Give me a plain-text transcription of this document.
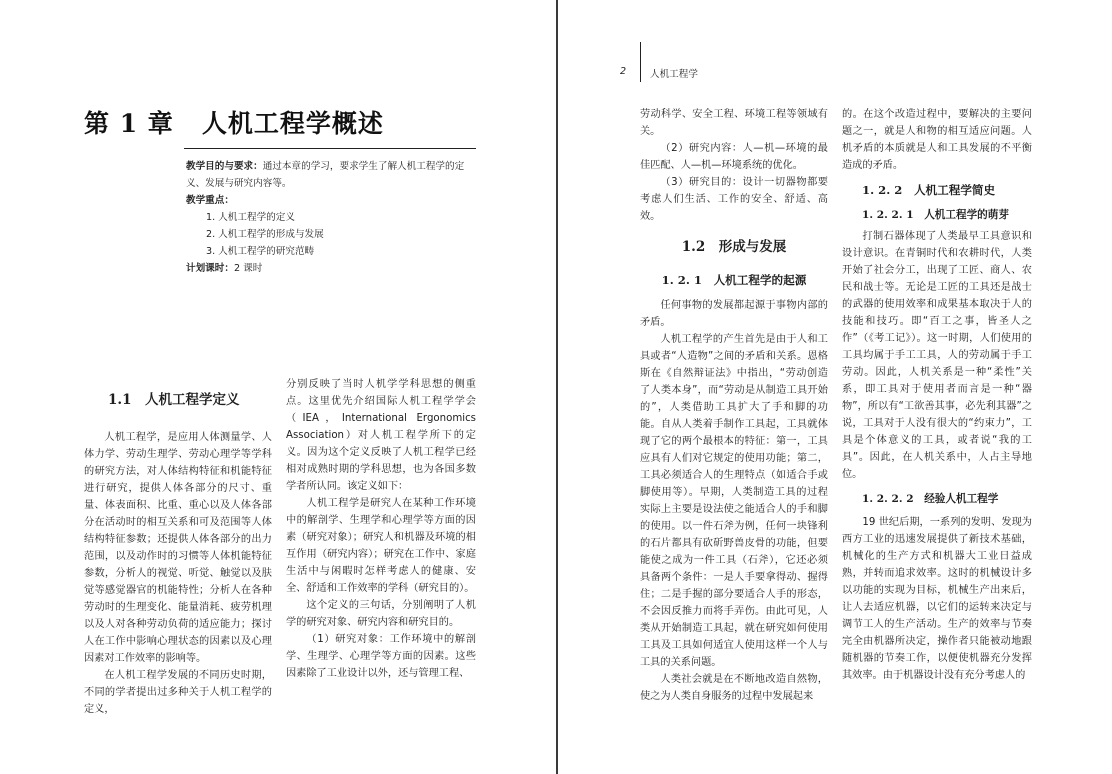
第 1 章 人机工程学概述
教学目的与要求：通过本章的学习，要求学生了解人机工程学的定义、发展与研究内容等。
教学重点：
1. 人机工程学的定义
2. 人机工程学的形成与发展
3. 人机工程学的研究范畴
计划课时：2 课时
1.1　人机工程学定义

人机工程学，是应用人体测量学、人体力学、劳动生理学、劳动心理学等学科的研究方法，对人体结构特征和机能特征进行研究，提供人体各部分的尺寸、重量、体表面积、比重、重心以及人体各部分在活动时的相互关系和可及范围等人体结构特征参数；还提供人体各部分的出力范围，以及动作时的习惯等人体机能特征参数，分析人的视觉、听觉、触觉以及肤觉等感觉器官的机能特性；分析人在各种劳动时的生理变化、能量消耗、疲劳机理以及人对各种劳动负荷的适应能力；探讨人在工作中影响心理状态的因素以及心理因素对工作效率的影响等。

在人机工程学发展的不同历史时期，不同的学者提出过多种关于人机工程学的定义，

分别反映了当时人机学学科思想的侧重点。这里优先介绍国际人机工程学学会（IEA，International Ergonomics Association）对人机工程学所下的定义。因为这个定义反映了人机工程学已经相对成熟时期的学科思想，也为各国多数学者所认同。该定义如下：

人机工程学是研究人在某种工作环境中的解剖学、生理学和心理学等方面的因素（研究对象）；研究人和机器及环境的相互作用（研究内容）；研究在工作中、家庭生活中与闲暇时怎样考虑人的健康、安全、舒适和工作效率的学科（研究目的）。

这个定义的三句话，分别阐明了人机学的研究对象、研究内容和研究目的。

（1）研究对象：工作环境中的解剖学、生理学、心理学等方面的因素。这些因素除了工业设计以外，还与管理工程、

2 人机工程学

劳动科学、安全工程、环境工程等领域有关。

（2）研究内容：人—机—环境的最佳匹配、人—机—环境系统的优化。

（3）研究目的：设计一切器物都要考虑人们生活、工作的安全、舒适、高效。

1.2　形成与发展
1. 2. 1　人机工程学的起源

任何事物的发展都起源于事物内部的矛盾。

人机工程学的产生首先是由于人和工具或者“人造物”之间的矛盾和关系。恩格斯在《自然辩证法》中指出，“劳动创造了人类本身”，而“劳动是从制造工具开始的”，人类借助工具扩大了手和脚的功能。自从人类着手制作工具起，工具就体现了它的两个最根本的特征：第一，工具应具有人们对它规定的使用功能；第二，工具必须适合人的生理特点（如适合手或脚使用等）。早期，人类制造工具的过程实际上主要是设法使之能适合人的手和脚的使用。以一件石斧为例，任何一块锋利的石片都具有砍斫野兽皮骨的功能，但要能使之成为一件工具（石斧），它还必须具备两个条件：一是人手要拿得动、握得住；二是手握的部分要适合人手的形态，不会因反推力而将手弄伤。由此可见，人类从开始制造工具起，就在研究如何使用工具及工具如何适宜人使用这样一个人与工具的关系问题。

人类社会就是在不断地改造自然物，使之为人类自身服务的过程中发展起来

的。在这个改造过程中，要解决的主要问题之一，就是人和物的相互适应问题。人机矛盾的本质就是人和工具发展的不平衡造成的矛盾。

1. 2. 2　人机工程学简史
1. 2. 2. 1　人机工程学的萌芽

打制石器体现了人类最早工具意识和设计意识。在青铜时代和农耕时代，人类开始了社会分工，出现了工匠、商人、农民和战士等。无论是工匠的工具还是战士的武器的使用效率和成果基本取决于人的技能和技巧。即“百工之事，皆圣人之作”（《考工记》）。这一时期，人们使用的工具均属于手工工具，人的劳动属于手工劳动。因此，人机关系是一种“柔性”关系，即工具对于使用者而言是一种“器物”，所以有“工欲善其事，必先利其器”之说，工具对于人没有很大的“约束力”，工具是个体意义的工具，或者说“我的工具”。因此，在人机关系中，人占主导地位。

1. 2. 2. 2　经验人机工程学

19 世纪后期，一系列的发明、发现为西方工业的迅速发展提供了新技术基础，机械化的生产方式和机器大工业日益成熟，并转而追求效率。这时的机械设计多以功能的实现为目标，机械生产出来后，让人去适应机器，以它们的运转来决定与调节工人的生产活动。生产的效率与节奏完全由机器所决定，操作者只能被动地跟随机器的节奏工作，以便使机器充分发挥其效率。由于机器设计没有充分考虑人的
